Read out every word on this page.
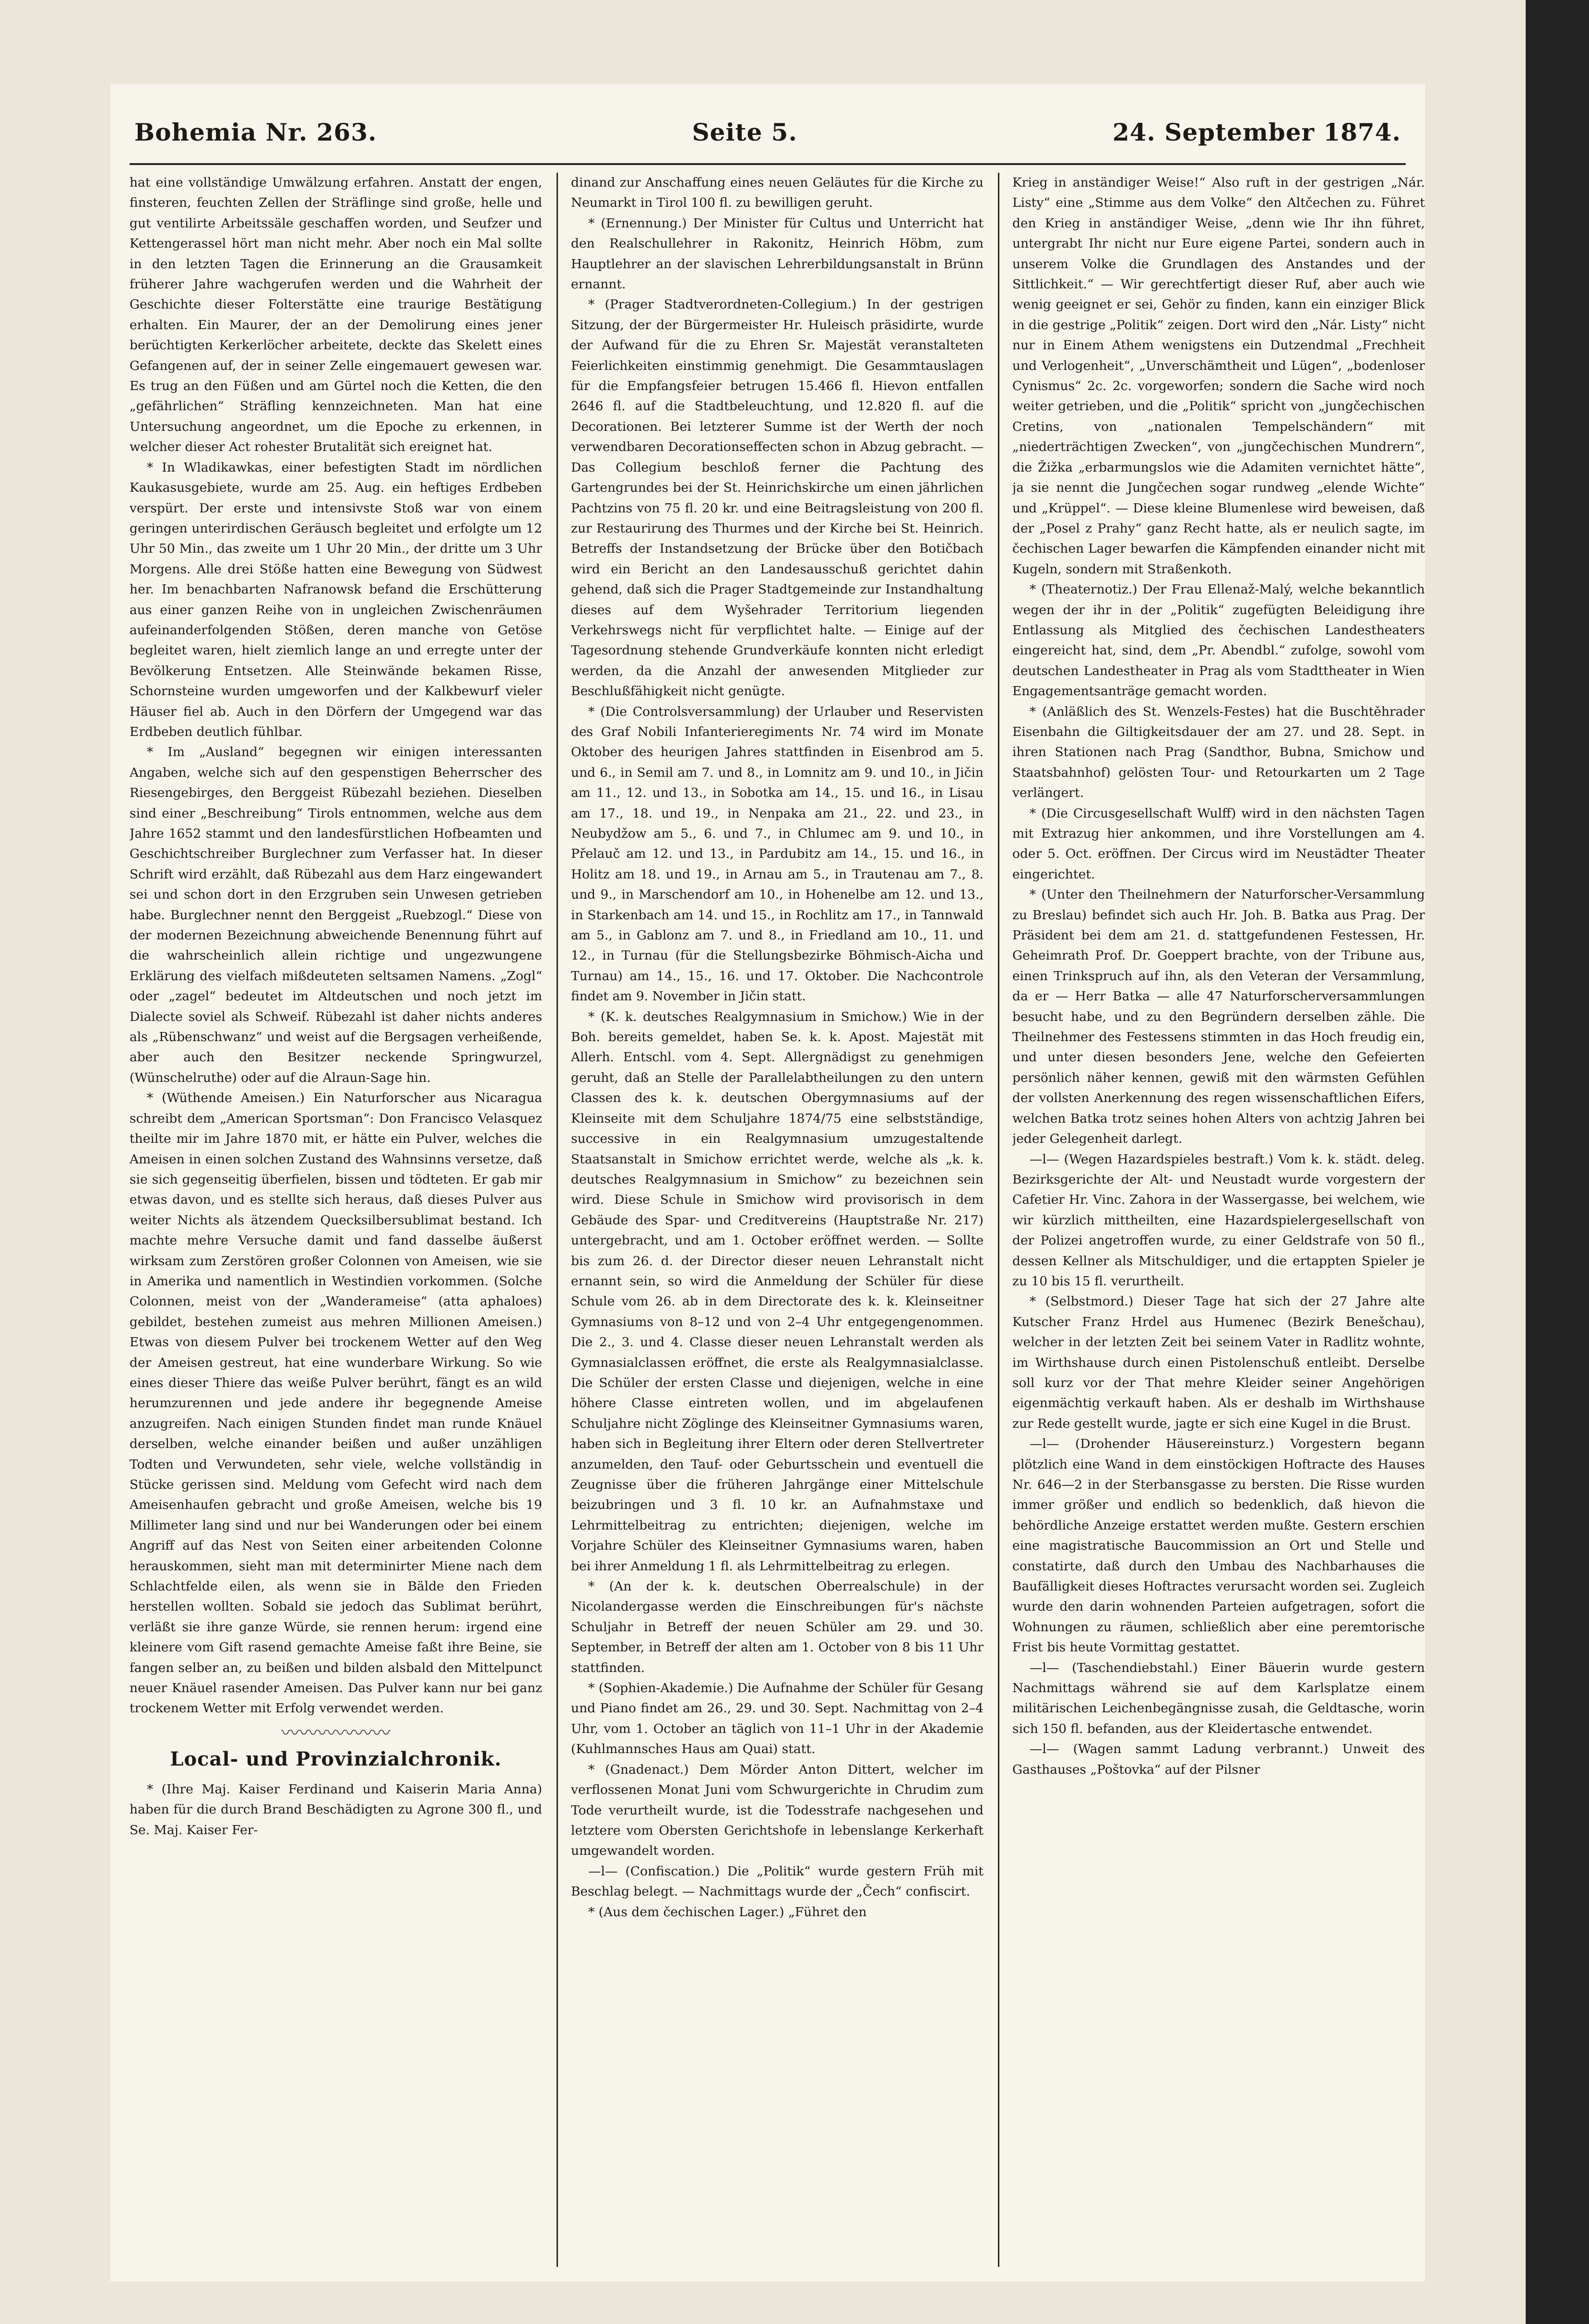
Bohemia Nr. 263.	Seite 5.	24. September 1874.

hat eine vollständige Umwälzung erfahren. Anstatt der engen, finsteren, feuchten Zellen der Sträflinge sind große, helle und gut ventilirte Arbeitssäle geschaffen worden, und Seufzer und Kettengerassel hört man nicht mehr. Aber noch ein Mal sollte in den letzten Tagen die Erinnerung an die Grausamkeit früherer Jahre wachgerufen werden und die Wahrheit der Geschichte dieser Folterstätte eine traurige Bestätigung erhalten. Ein Maurer, der an der Demolirung eines jener berüchtigten Kerkerlöcher arbeitete, deckte das Skelett eines Gefangenen auf, der in seiner Zelle eingemauert gewesen war. Es trug an den Füßen und am Gürtel noch die Ketten, die den „gefährlichen“ Sträfling kennzeichneten. Man hat eine Untersuchung angeordnet, um die Epoche zu erkennen, in welcher dieser Act rohester Brutalität sich ereignet hat.

* In Wladikawkas, einer befestigten Stadt im nördlichen Kaukasusgebiete, wurde am 25. Aug. ein heftiges Erdbeben verspürt. Der erste und intensivste Stoß war von einem geringen unterirdischen Geräusch begleitet und erfolgte um 12 Uhr 50 Min., das zweite um 1 Uhr 20 Min., der dritte um 3 Uhr Morgens. Alle drei Stöße hatten eine Bewegung von Südwest her. Im benachbarten Nafranowsk befand die Erschütterung aus einer ganzen Reihe von in ungleichen Zwischenräumen aufeinanderfolgenden Stößen, deren manche von Getöse begleitet waren, hielt ziemlich lange an und erregte unter der Bevölkerung Entsetzen. Alle Steinwände bekamen Risse, Schornsteine wurden umgeworfen und der Kalkbewurf vieler Häuser fiel ab. Auch in den Dörfern der Umgegend war das Erdbeben deutlich fühlbar.

* Im „Ausland“ begegnen wir einigen interessanten Angaben, welche sich auf den gespenstigen Beherrscher des Riesengebirges, den Berggeist Rübezahl beziehen. Dieselben sind einer „Beschreibung“ Tirols entnommen, welche aus dem Jahre 1652 stammt und den landesfürstlichen Hofbeamten und Geschichtschreiber Burglechner zum Verfasser hat. In dieser Schrift wird erzählt, daß Rübezahl aus dem Harz eingewandert sei und schon dort in den Erzgruben sein Unwesen getrieben habe. Burglechner nennt den Berggeist „Ruebzogl.“ Diese von der modernen Bezeichnung abweichende Benennung führt auf die wahrscheinlich allein richtige und ungezwungene Erklärung des vielfach mißdeuteten seltsamen Namens. „Zogl“ oder „zagel“ bedeutet im Altdeutschen und noch jetzt im Dialecte soviel als Schweif. Rübezahl ist daher nichts anderes als „Rübenschwanz“ und weist auf die Bergsagen verheißende, aber auch den Besitzer neckende Springwurzel, (Wünschelruthe) oder auf die Alraun-Sage hin.

* (Wüthende Ameisen.) Ein Naturforscher aus Nicaragua schreibt dem „American Sportsman“: Don Francisco Velasquez theilte mir im Jahre 1870 mit, er hätte ein Pulver, welches die Ameisen in einen solchen Zustand des Wahnsinns versetze, daß sie sich gegenseitig überfielen, bissen und tödteten. Er gab mir etwas davon, und es stellte sich heraus, daß dieses Pulver aus weiter Nichts als ätzendem Quecksilbersublimat bestand. Ich machte mehre Versuche damit und fand dasselbe äußerst wirksam zum Zerstören großer Colonnen von Ameisen, wie sie in Amerika und namentlich in Westindien vorkommen. (Solche Colonnen, meist von der „Wanderameise“ (atta aphaloes) gebildet, bestehen zumeist aus mehren Millionen Ameisen.) Etwas von diesem Pulver bei trockenem Wetter auf den Weg der Ameisen gestreut, hat eine wunderbare Wirkung. So wie eines dieser Thiere das weiße Pulver berührt, fängt es an wild herumzurennen und jede andere ihr begegnende Ameise anzugreifen. Nach einigen Stunden findet man runde Knäuel derselben, welche einander beißen und außer unzähligen Todten und Verwundeten, sehr viele, welche vollständig in Stücke gerissen sind. Meldung vom Gefecht wird nach dem Ameisenhaufen gebracht und große Ameisen, welche bis 19 Millimeter lang sind und nur bei Wanderungen oder bei einem Angriff auf das Nest von Seiten einer arbeitenden Colonne herauskommen, sieht man mit determinirter Miene nach dem Schlachtfelde eilen, als wenn sie in Bälde den Frieden herstellen wollten. Sobald sie jedoch das Sublimat berührt, verläßt sie ihre ganze Würde, sie rennen herum: irgend eine kleinere vom Gift rasend gemachte Ameise faßt ihre Beine, sie fangen selber an, zu beißen und bilden alsbald den Mittelpunct neuer Knäuel rasender Ameisen. Das Pulver kann nur bei ganz trockenem Wetter mit Erfolg verwendet werden.

〰〰〰〰〰〰
Local- und Provinzialchronik.

* (Ihre Maj. Kaiser Ferdinand und Kaiserin Maria Anna) haben für die durch Brand Beschädigten zu Agrone 300 fl., und Se. Maj. Kaiser Fer-

dinand zur Anschaffung eines neuen Geläutes für die Kirche zu Neumarkt in Tirol 100 fl. zu bewilligen geruht.

* (Ernennung.) Der Minister für Cultus und Unterricht hat den Realschullehrer in Rakonitz, Heinrich Höbm, zum Hauptlehrer an der slavischen Lehrerbildungsanstalt in Brünn ernannt.

* (Prager Stadtverordneten-Collegium.) In der gestrigen Sitzung, der der Bürgermeister Hr. Huleisch präsidirte, wurde der Aufwand für die zu Ehren Sr. Majestät veranstalteten Feierlichkeiten einstimmig genehmigt. Die Gesammtauslagen für die Empfangsfeier betrugen 15.466 fl. Hievon entfallen 2646 fl. auf die Stadtbeleuchtung, und 12.820 fl. auf die Decorationen. Bei letzterer Summe ist der Werth der noch verwendbaren Decorationseffecten schon in Abzug gebracht. — Das Collegium beschloß ferner die Pachtung des Gartengrundes bei der St. Heinrichskirche um einen jährlichen Pachtzins von 75 fl. 20 kr. und eine Beitragsleistung von 200 fl. zur Restaurirung des Thurmes und der Kirche bei St. Heinrich. Betreffs der Instandsetzung der Brücke über den Botičbach wird ein Bericht an den Landesausschuß gerichtet dahin gehend, daß sich die Prager Stadtgemeinde zur Instandhaltung dieses auf dem Wyšehrader Territorium liegenden Verkehrswegs nicht für verpflichtet halte. — Einige auf der Tagesordnung stehende Grundverkäufe konnten nicht erledigt werden, da die Anzahl der anwesenden Mitglieder zur Beschlußfähigkeit nicht genügte.

* (Die Controlsversammlung) der Urlauber und Reservisten des Graf Nobili Infanterieregiments Nr. 74 wird im Monate Oktober des heurigen Jahres stattfinden in Eisenbrod am 5. und 6., in Semil am 7. und 8., in Lomnitz am 9. und 10., in Jičin am 11., 12. und 13., in Sobotka am 14., 15. und 16., in Lisau am 17., 18. und 19., in Nenpaka am 21., 22. und 23., in Neubydžow am 5., 6. und 7., in Chlumec am 9. und 10., in Přelauč am 12. und 13., in Pardubitz am 14., 15. und 16., in Holitz am 18. und 19., in Arnau am 5., in Trautenau am 7., 8. und 9., in Marschendorf am 10., in Hohenelbe am 12. und 13., in Starkenbach am 14. und 15., in Rochlitz am 17., in Tannwald am 5., in Gablonz am 7. und 8., in Friedland am 10., 11. und 12., in Turnau (für die Stellungsbezirke Böhmisch-Aicha und Turnau) am 14., 15., 16. und 17. Oktober. Die Nachcontrole findet am 9. November in Jičin statt.

* (K. k. deutsches Realgymnasium in Smichow.) Wie in der Boh. bereits gemeldet, haben Se. k. k. Apost. Majestät mit Allerh. Entschl. vom 4. Sept. Allergnädigst zu genehmigen geruht, daß an Stelle der Parallelabtheilungen zu den untern Classen des k. k. deutschen Obergymnasiums auf der Kleinseite mit dem Schuljahre 1874/75 eine selbstständige, successive in ein Realgymnasium umzugestaltende Staatsanstalt in Smichow errichtet werde, welche als „k. k. deutsches Realgymnasium in Smichow“ zu bezeichnen sein wird. Diese Schule in Smichow wird provisorisch in dem Gebäude des Spar- und Creditvereins (Hauptstraße Nr. 217) untergebracht, und am 1. October eröffnet werden. — Sollte bis zum 26. d. der Director dieser neuen Lehranstalt nicht ernannt sein, so wird die Anmeldung der Schüler für diese Schule vom 26. ab in dem Directorate des k. k. Kleinseitner Gymnasiums von 8–12 und von 2–4 Uhr entgegengenommen. Die 2., 3. und 4. Classe dieser neuen Lehranstalt werden als Gymnasialclassen eröffnet, die erste als Realgymnasialclasse. Die Schüler der ersten Classe und diejenigen, welche in eine höhere Classe eintreten wollen, und im abgelaufenen Schuljahre nicht Zöglinge des Kleinseitner Gymnasiums waren, haben sich in Begleitung ihrer Eltern oder deren Stellvertreter anzumelden, den Tauf- oder Geburtsschein und eventuell die Zeugnisse über die früheren Jahrgänge einer Mittelschule beizubringen und 3 fl. 10 kr. an Aufnahmstaxe und Lehrmittelbeitrag zu entrichten; diejenigen, welche im Vorjahre Schüler des Kleinseitner Gymnasiums waren, haben bei ihrer Anmeldung 1 fl. als Lehrmittelbeitrag zu erlegen.

* (An der k. k. deutschen Oberrealschule) in der Nicolandergasse werden die Einschreibungen für's nächste Schuljahr in Betreff der neuen Schüler am 29. und 30. September, in Betreff der alten am 1. October von 8 bis 11 Uhr stattfinden.

* (Sophien-Akademie.) Die Aufnahme der Schüler für Gesang und Piano findet am 26., 29. und 30. Sept. Nachmittag von 2–4 Uhr, vom 1. October an täglich von 11–1 Uhr in der Akademie (Kuhlmannsches Haus am Quai) statt.

* (Gnadenact.) Dem Mörder Anton Dittert, welcher im verflossenen Monat Juni vom Schwurgerichte in Chrudim zum Tode verurtheilt wurde, ist die Todesstrafe nachgesehen und letztere vom Obersten Gerichtshofe in lebenslange Kerkerhaft umgewandelt worden.

—l— (Confiscation.) Die „Politik“ wurde gestern Früh mit Beschlag belegt. — Nachmittags wurde der „Čech“ confiscirt.

* (Aus dem čechischen Lager.) „Führet den

Krieg in anständiger Weise!“ Also ruft in der gestrigen „Nár. Listy“ eine „Stimme aus dem Volke“ den Altčechen zu. Führet den Krieg in anständiger Weise, „denn wie Ihr ihn führet, untergrabt Ihr nicht nur Eure eigene Partei, sondern auch in unserem Volke die Grundlagen des Anstandes und der Sittlichkeit.“ — Wir gerechtfertigt dieser Ruf, aber auch wie wenig geeignet er sei, Gehör zu finden, kann ein einziger Blick in die gestrige „Politik“ zeigen. Dort wird den „Nár. Listy“ nicht nur in Einem Athem wenigstens ein Dutzendmal „Frechheit und Verlogenheit“, „Unverschämtheit und Lügen“, „bodenloser Cynismus“ 2c. 2c. vorgeworfen; sondern die Sache wird noch weiter getrieben, und die „Politik“ spricht von „jungčechischen Cretins, von „nationalen Tempelschändern“ mit „niederträchtigen Zwecken“, von „jungčechischen Mundrern“, die Žižka „erbarmungslos wie die Adamiten vernichtet hätte“, ja sie nennt die Jungčechen sogar rundweg „elende Wichte“ und „Krüppel“. — Diese kleine Blumenlese wird beweisen, daß der „Posel z Prahy“ ganz Recht hatte, als er neulich sagte, im čechischen Lager bewarfen die Kämpfenden einander nicht mit Kugeln, sondern mit Straßenkoth.

* (Theaternotiz.) Der Frau Ellenaž-Malý, welche bekanntlich wegen der ihr in der „Politik“ zugefügten Beleidigung ihre Entlassung als Mitglied des čechischen Landestheaters eingereicht hat, sind, dem „Pr. Abendbl.“ zufolge, sowohl vom deutschen Landestheater in Prag als vom Stadttheater in Wien Engagementsanträge gemacht worden.

* (Anläßlich des St. Wenzels-Festes) hat die Buschtěhrader Eisenbahn die Giltigkeitsdauer der am 27. und 28. Sept. in ihren Stationen nach Prag (Sandthor, Bubna, Smichow und Staatsbahnhof) gelösten Tour- und Retourkarten um 2 Tage verlängert.

* (Die Circusgesellschaft Wulff) wird in den nächsten Tagen mit Extrazug hier ankommen, und ihre Vorstellungen am 4. oder 5. Oct. eröffnen. Der Circus wird im Neustädter Theater eingerichtet.

* (Unter den Theilnehmern der Naturforscher-Versammlung zu Breslau) befindet sich auch Hr. Joh. B. Batka aus Prag. Der Präsident bei dem am 21. d. stattgefundenen Festessen, Hr. Geheimrath Prof. Dr. Goeppert brachte, von der Tribune aus, einen Trinkspruch auf ihn, als den Veteran der Versammlung, da er — Herr Batka — alle 47 Naturforscherversammlungen besucht habe, und zu den Begründern derselben zähle. Die Theilnehmer des Festessens stimmten in das Hoch freudig ein, und unter diesen besonders Jene, welche den Gefeierten persönlich näher kennen, gewiß mit den wärmsten Gefühlen der vollsten Anerkennung des regen wissenschaftlichen Eifers, welchen Batka trotz seines hohen Alters von achtzig Jahren bei jeder Gelegenheit darlegt.

—l— (Wegen Hazardspieles bestraft.) Vom k. k. städt. deleg. Bezirksgerichte der Alt- und Neustadt wurde vorgestern der Cafetier Hr. Vinc. Zahora in der Wassergasse, bei welchem, wie wir kürzlich mittheilten, eine Hazardspielergesellschaft von der Polizei angetroffen wurde, zu einer Geldstrafe von 50 fl., dessen Kellner als Mitschuldiger, und die ertappten Spieler je zu 10 bis 15 fl. verurtheilt.

* (Selbstmord.) Dieser Tage hat sich der 27 Jahre alte Kutscher Franz Hrdel aus Humenec (Bezirk Benešchau), welcher in der letzten Zeit bei seinem Vater in Radlitz wohnte, im Wirthshause durch einen Pistolenschuß entleibt. Derselbe soll kurz vor der That mehre Kleider seiner Angehörigen eigenmächtig verkauft haben. Als er deshalb im Wirthshause zur Rede gestellt wurde, jagte er sich eine Kugel in die Brust.

—l— (Drohender Häusereinsturz.) Vorgestern begann plötzlich eine Wand in dem einstöckigen Hoftracte des Hauses Nr. 646—2 in der Sterbansgasse zu bersten. Die Risse wurden immer größer und endlich so bedenklich, daß hievon die behördliche Anzeige erstattet werden mußte. Gestern erschien eine magistratische Baucommission an Ort und Stelle und constatirte, daß durch den Umbau des Nachbarhauses die Baufälligkeit dieses Hoftractes verursacht worden sei. Zugleich wurde den darin wohnenden Parteien aufgetragen, sofort die Wohnungen zu räumen, schließlich aber eine peremtorische Frist bis heute Vormittag gestattet.

—l— (Taschendiebstahl.) Einer Bäuerin wurde gestern Nachmittags während sie auf dem Karlsplatze einem militärischen Leichenbegängnisse zusah, die Geldtasche, worin sich 150 fl. befanden, aus der Kleidertasche entwendet.

—l— (Wagen sammt Ladung verbrannt.) Unweit des Gasthauses „Poštovka“ auf der Pilsner
